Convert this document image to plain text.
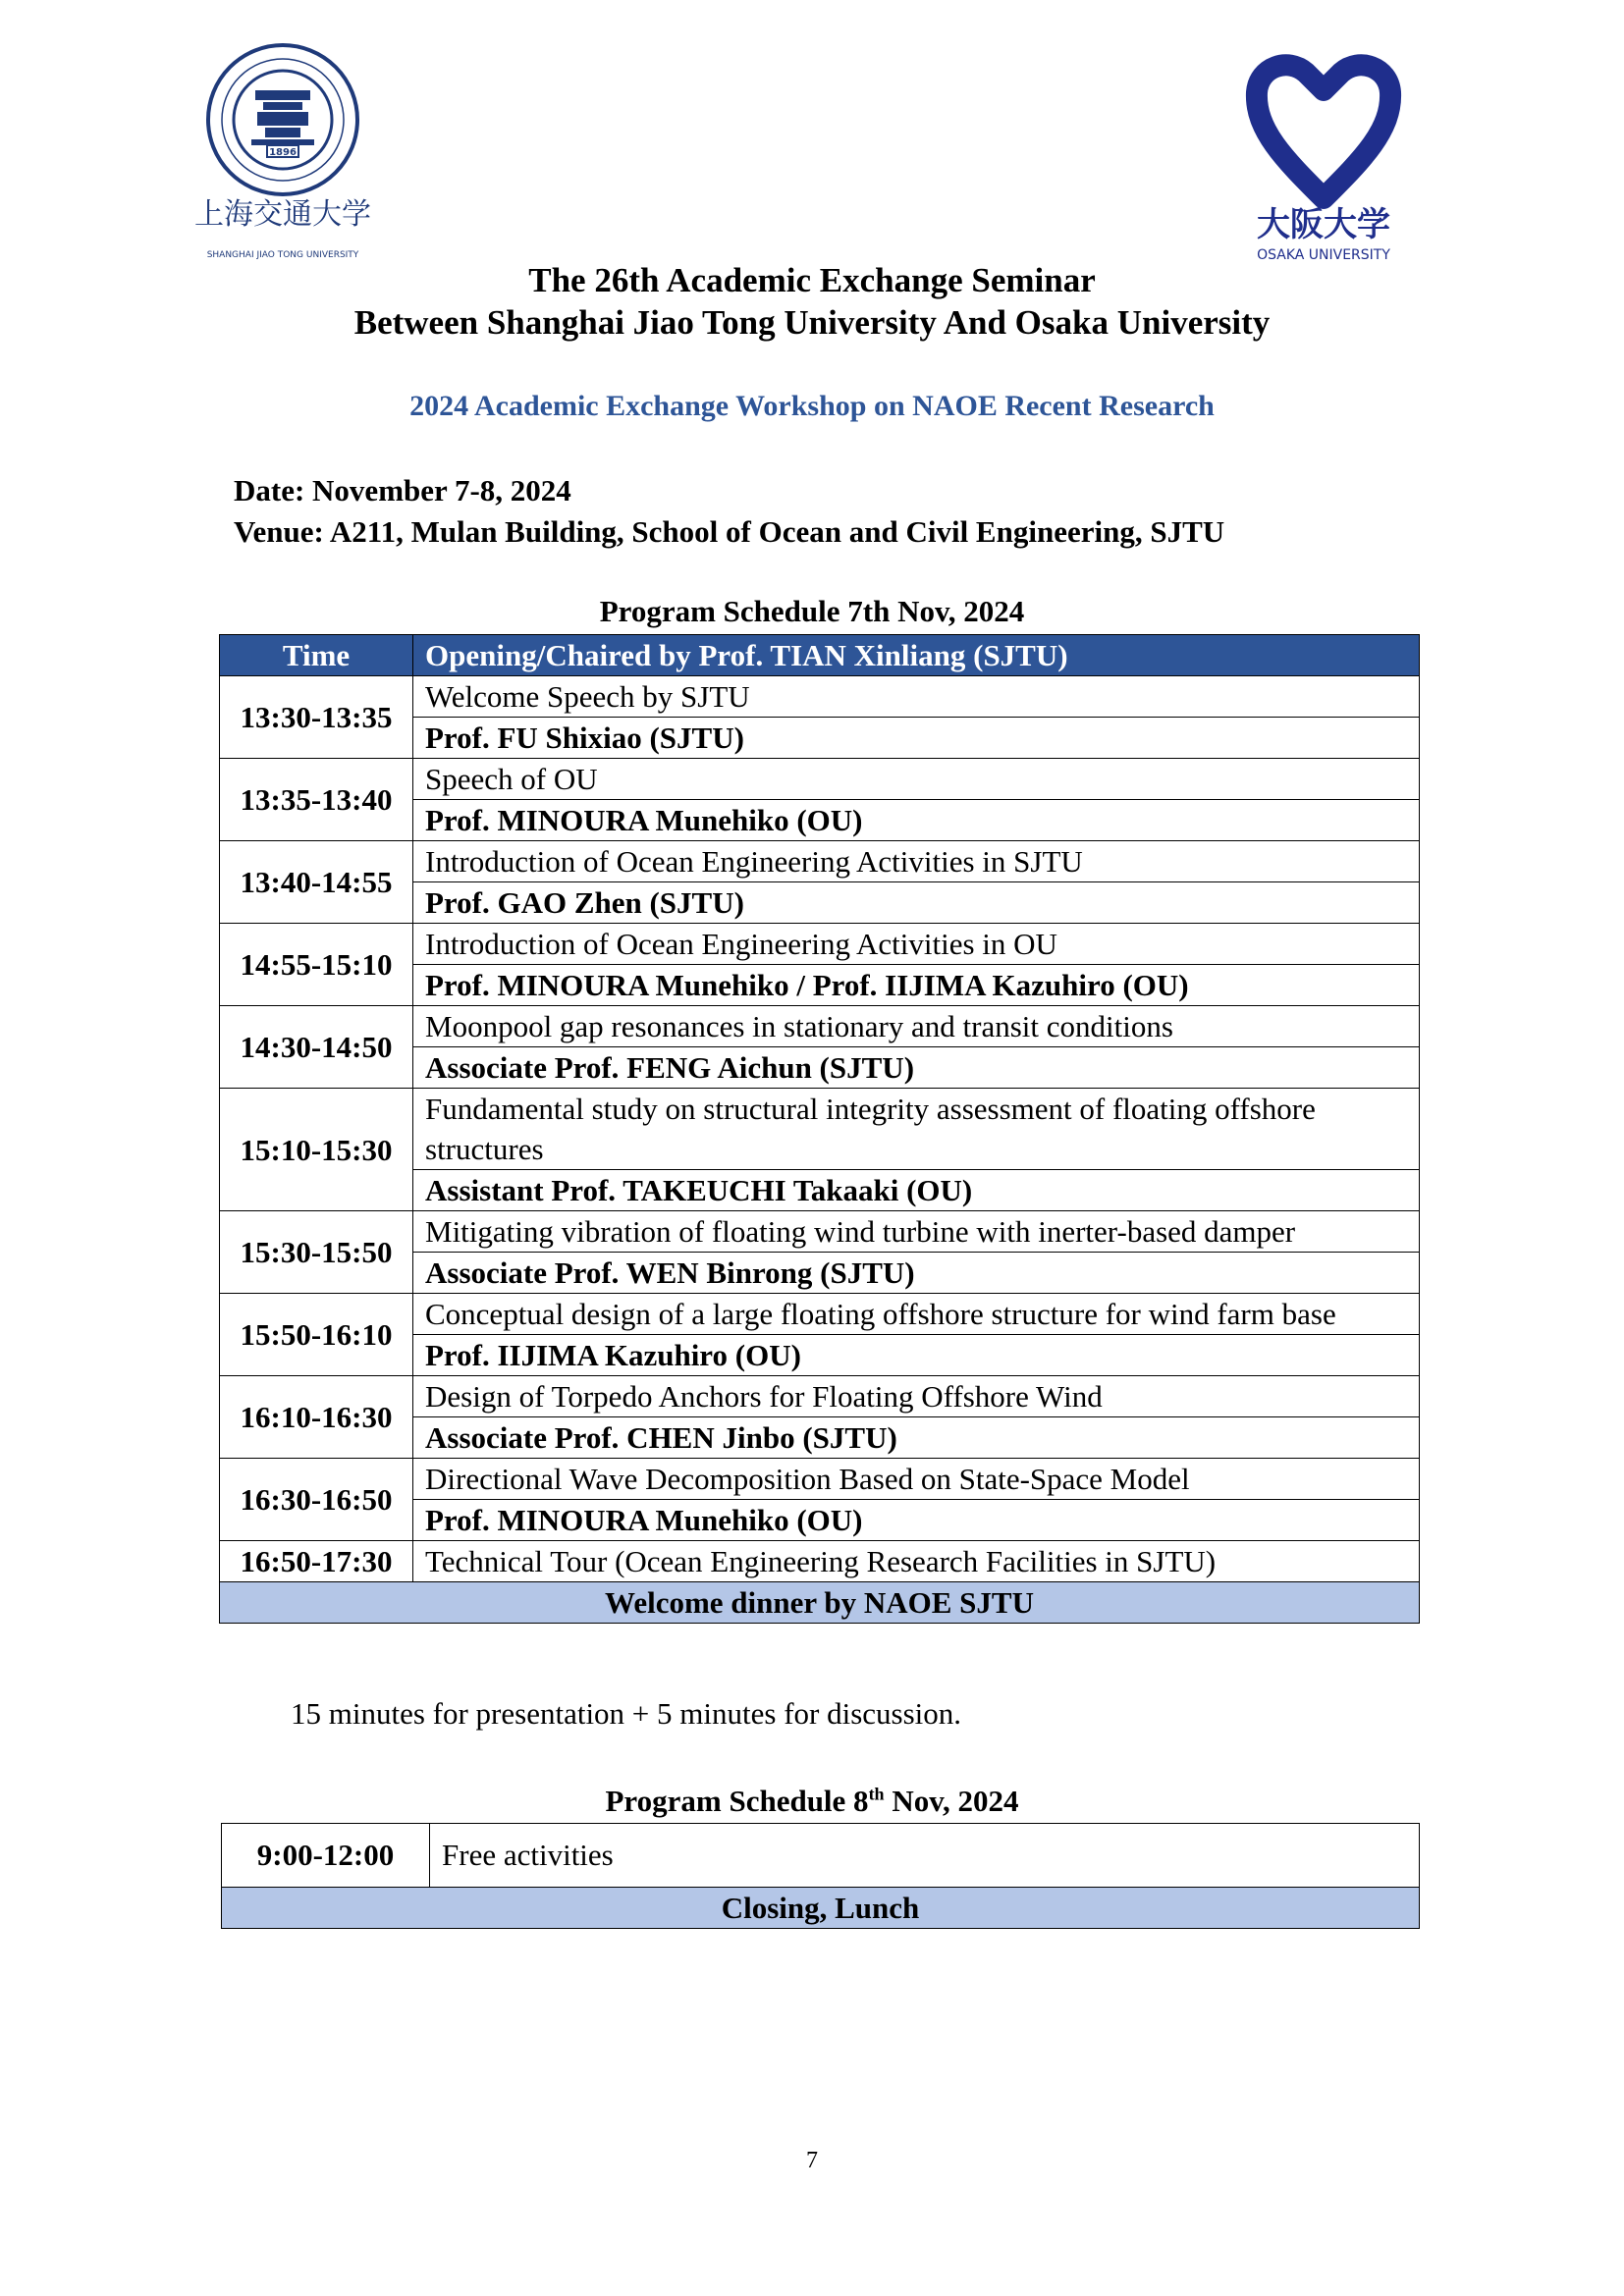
1896
上海交通大学
SHANGHAI JIAO TONG UNIVERSITY
大阪大学
OSAKA UNIVERSITY
The 26th Academic Exchange Seminar
Between Shanghai Jiao Tong University And Osaka University
2024 Academic Exchange Workshop on NAOE Recent Research
Date: November 7-8, 2024
Venue: A211, Mulan Building, School of Ocean and Civil Engineering, SJTU
Program Schedule 7th Nov, 2024
Time	Opening/Chaired by Prof. TIAN Xinliang (SJTU)
13:30-13:35	Welcome Speech by SJTU
	Prof. FU Shixiao (SJTU)
13:35-13:40	Speech of OU
	Prof. MINOURA Munehiko (OU)
13:40-14:55	Introduction of Ocean Engineering Activities in SJTU
	Prof. GAO Zhen (SJTU)
14:55-15:10	Introduction of Ocean Engineering Activities in OU
	Prof. MINOURA Munehiko / Prof. IIJIMA Kazuhiro (OU)
14:30-14:50	Moonpool gap resonances in stationary and transit conditions
	Associate Prof. FENG Aichun (SJTU)
15:10-15:30	Fundamental study on structural integrity assessment of floating offshore structures
	Assistant Prof. TAKEUCHI Takaaki (OU)
15:30-15:50	Mitigating vibration of floating wind turbine with inerter-based damper
	Associate Prof. WEN Binrong (SJTU)
15:50-16:10	Conceptual design of a large floating offshore structure for wind farm base
	Prof. IIJIMA Kazuhiro (OU)
16:10-16:30	Design of Torpedo Anchors for Floating Offshore Wind
	Associate Prof. CHEN Jinbo (SJTU)
16:30-16:50	Directional Wave Decomposition Based on State-Space Model
	Prof. MINOURA Munehiko (OU)
16:50-17:30	Technical Tour (Ocean Engineering Research Facilities in SJTU)
Welcome dinner by NAOE SJTU	
15 minutes for presentation + 5 minutes for discussion.
Program Schedule 8th Nov, 2024
9:00-12:00	Free activities
Closing, Lunch
7
